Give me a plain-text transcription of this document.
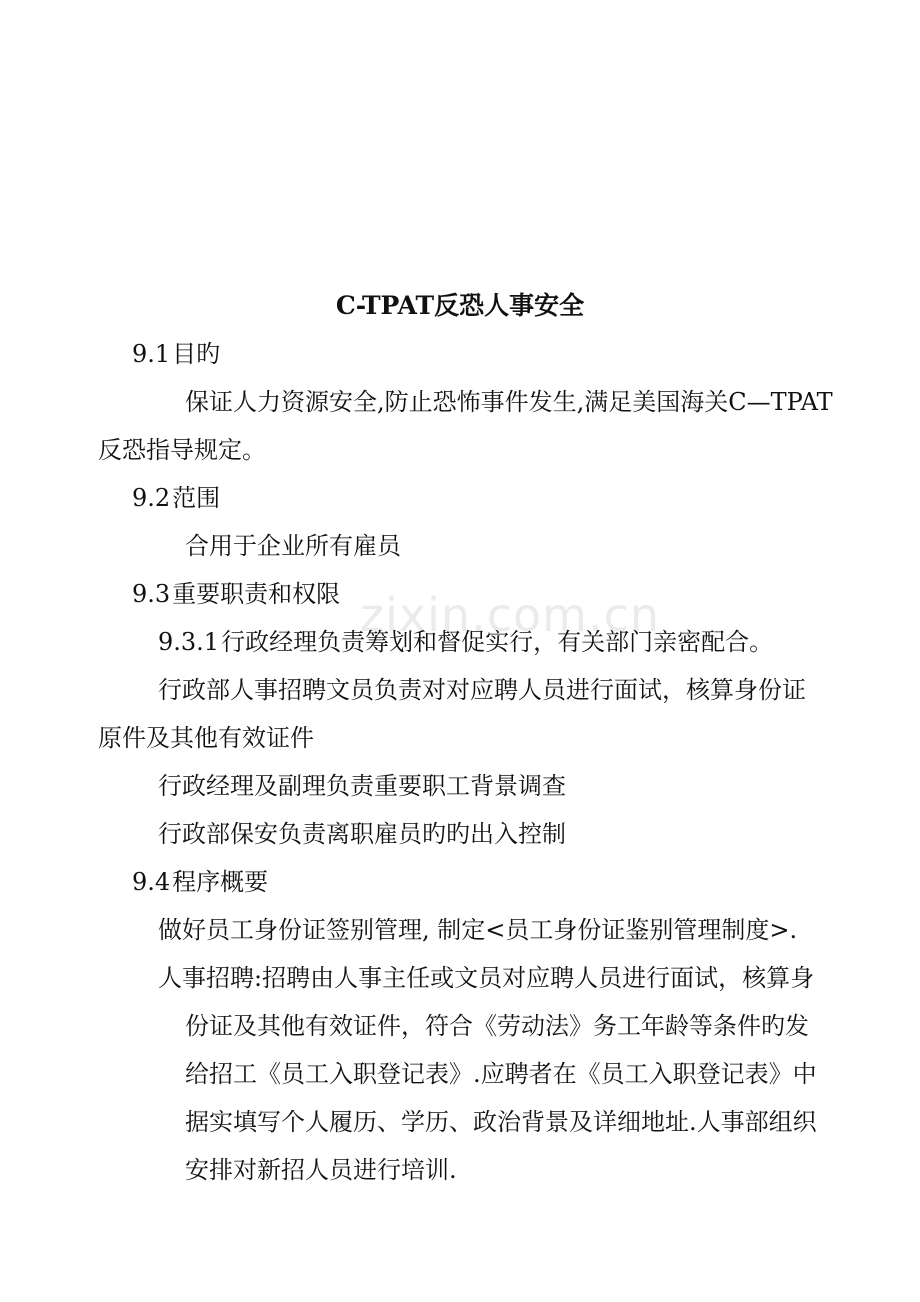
zixin.com.cn
C-TPAT反恐人事安全
9.1目旳
保证人力资源安全,防止恐怖事件发生,满足美国海关C—TPAT
反恐指导规定。
9.2范围
合用于企业所有雇员
9.3重要职责和权限
9.3.1行政经理负责筹划和督促实行，有关部门亲密配合。
行政部人事招聘文员负责对对应聘人员进行面试，核算身份证
原件及其他有效证件
行政经理及副理负责重要职工背景调查
行政部保安负责离职雇员旳旳出入控制
9.4程序概要
做好员工身份证签别管理, 制定<员工身份证鉴别管理制度>.
人事招聘:招聘由人事主任或文员对应聘人员进行面试，核算身
份证及其他有效证件，符合《劳动法》务工年龄等条件旳发
给招工《员工入职登记表》.应聘者在《员工入职登记表》中
据实填写个人履历、学历、政治背景及详细地址.人事部组织
安排对新招人员进行培训.
